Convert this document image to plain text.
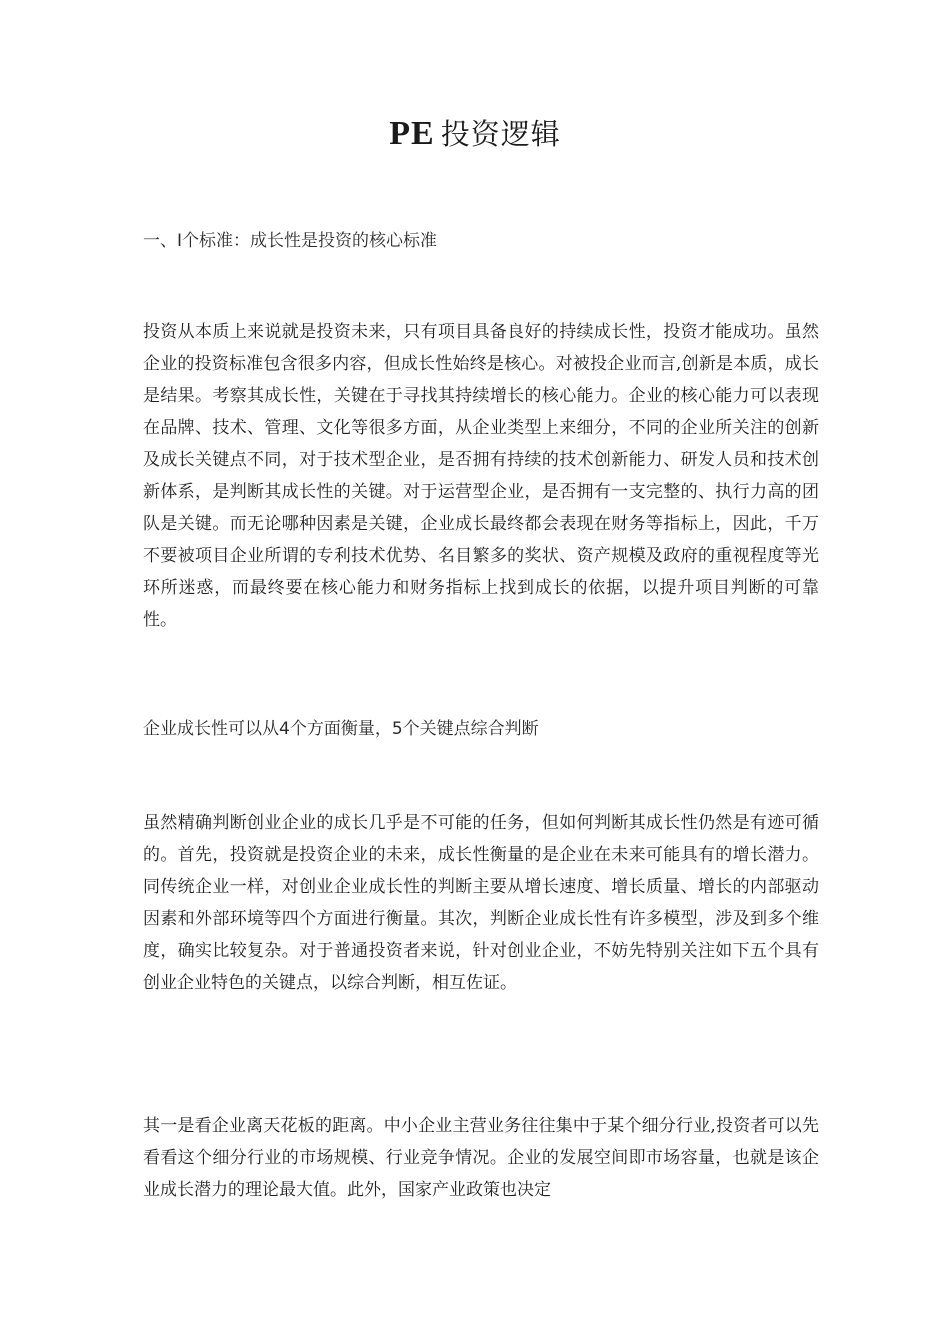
PE 投资逻辑
一、Ⅰ个标准：成长性是投资的核心标准

投资从本质上来说就是投资未来，只有项目具备良好的持续成长性，投资才能成功。虽然企业的投资标准包含很多内容，但成长性始终是核心。对被投企业而言,创新是本质，成长是结果。考察其成长性，关键在于寻找其持续增长的核心能力。企业的核心能力可以表现在品牌、技术、管理、文化等很多方面，从企业类型上来细分，不同的企业所关注的创新及成长关键点不同，对于技术型企业，是否拥有持续的技术创新能力、研发人员和技术创新体系，是判断其成长性的关键。对于运营型企业，是否拥有一支完整的、执行力高的团队是关键。而无论哪种因素是关键，企业成长最终都会表现在财务等指标上，因此，千万不要被项目企业所谓的专利技术优势、名目繁多的奖状、资产规模及政府的重视程度等光环所迷惑，而最终要在核心能力和财务指标上找到成长的依据，以提升项目判断的可靠性。

企业成长性可以从4个方面衡量，5个关键点综合判断

虽然精确判断创业企业的成长几乎是不可能的任务，但如何判断其成长性仍然是有迹可循的。首先，投资就是投资企业的未来，成长性衡量的是企业在未来可能具有的增长潜力。同传统企业一样，对创业企业成长性的判断主要从增长速度、增长质量、增长的内部驱动因素和外部环境等四个方面进行衡量。其次，判断企业成长性有许多模型，涉及到多个维度，确实比较复杂。对于普通投资者来说，针对创业企业，不妨先特别关注如下五个具有创业企业特色的关键点，以综合判断，相互佐证。

其一是看企业离天花板的距离。中小企业主营业务往往集中于某个细分行业,投资者可以先看看这个细分行业的市场规模、行业竞争情况。企业的发展空间即市场容量，也就是该企业成长潜力的理论最大值。此外，国家产业政策也决定
